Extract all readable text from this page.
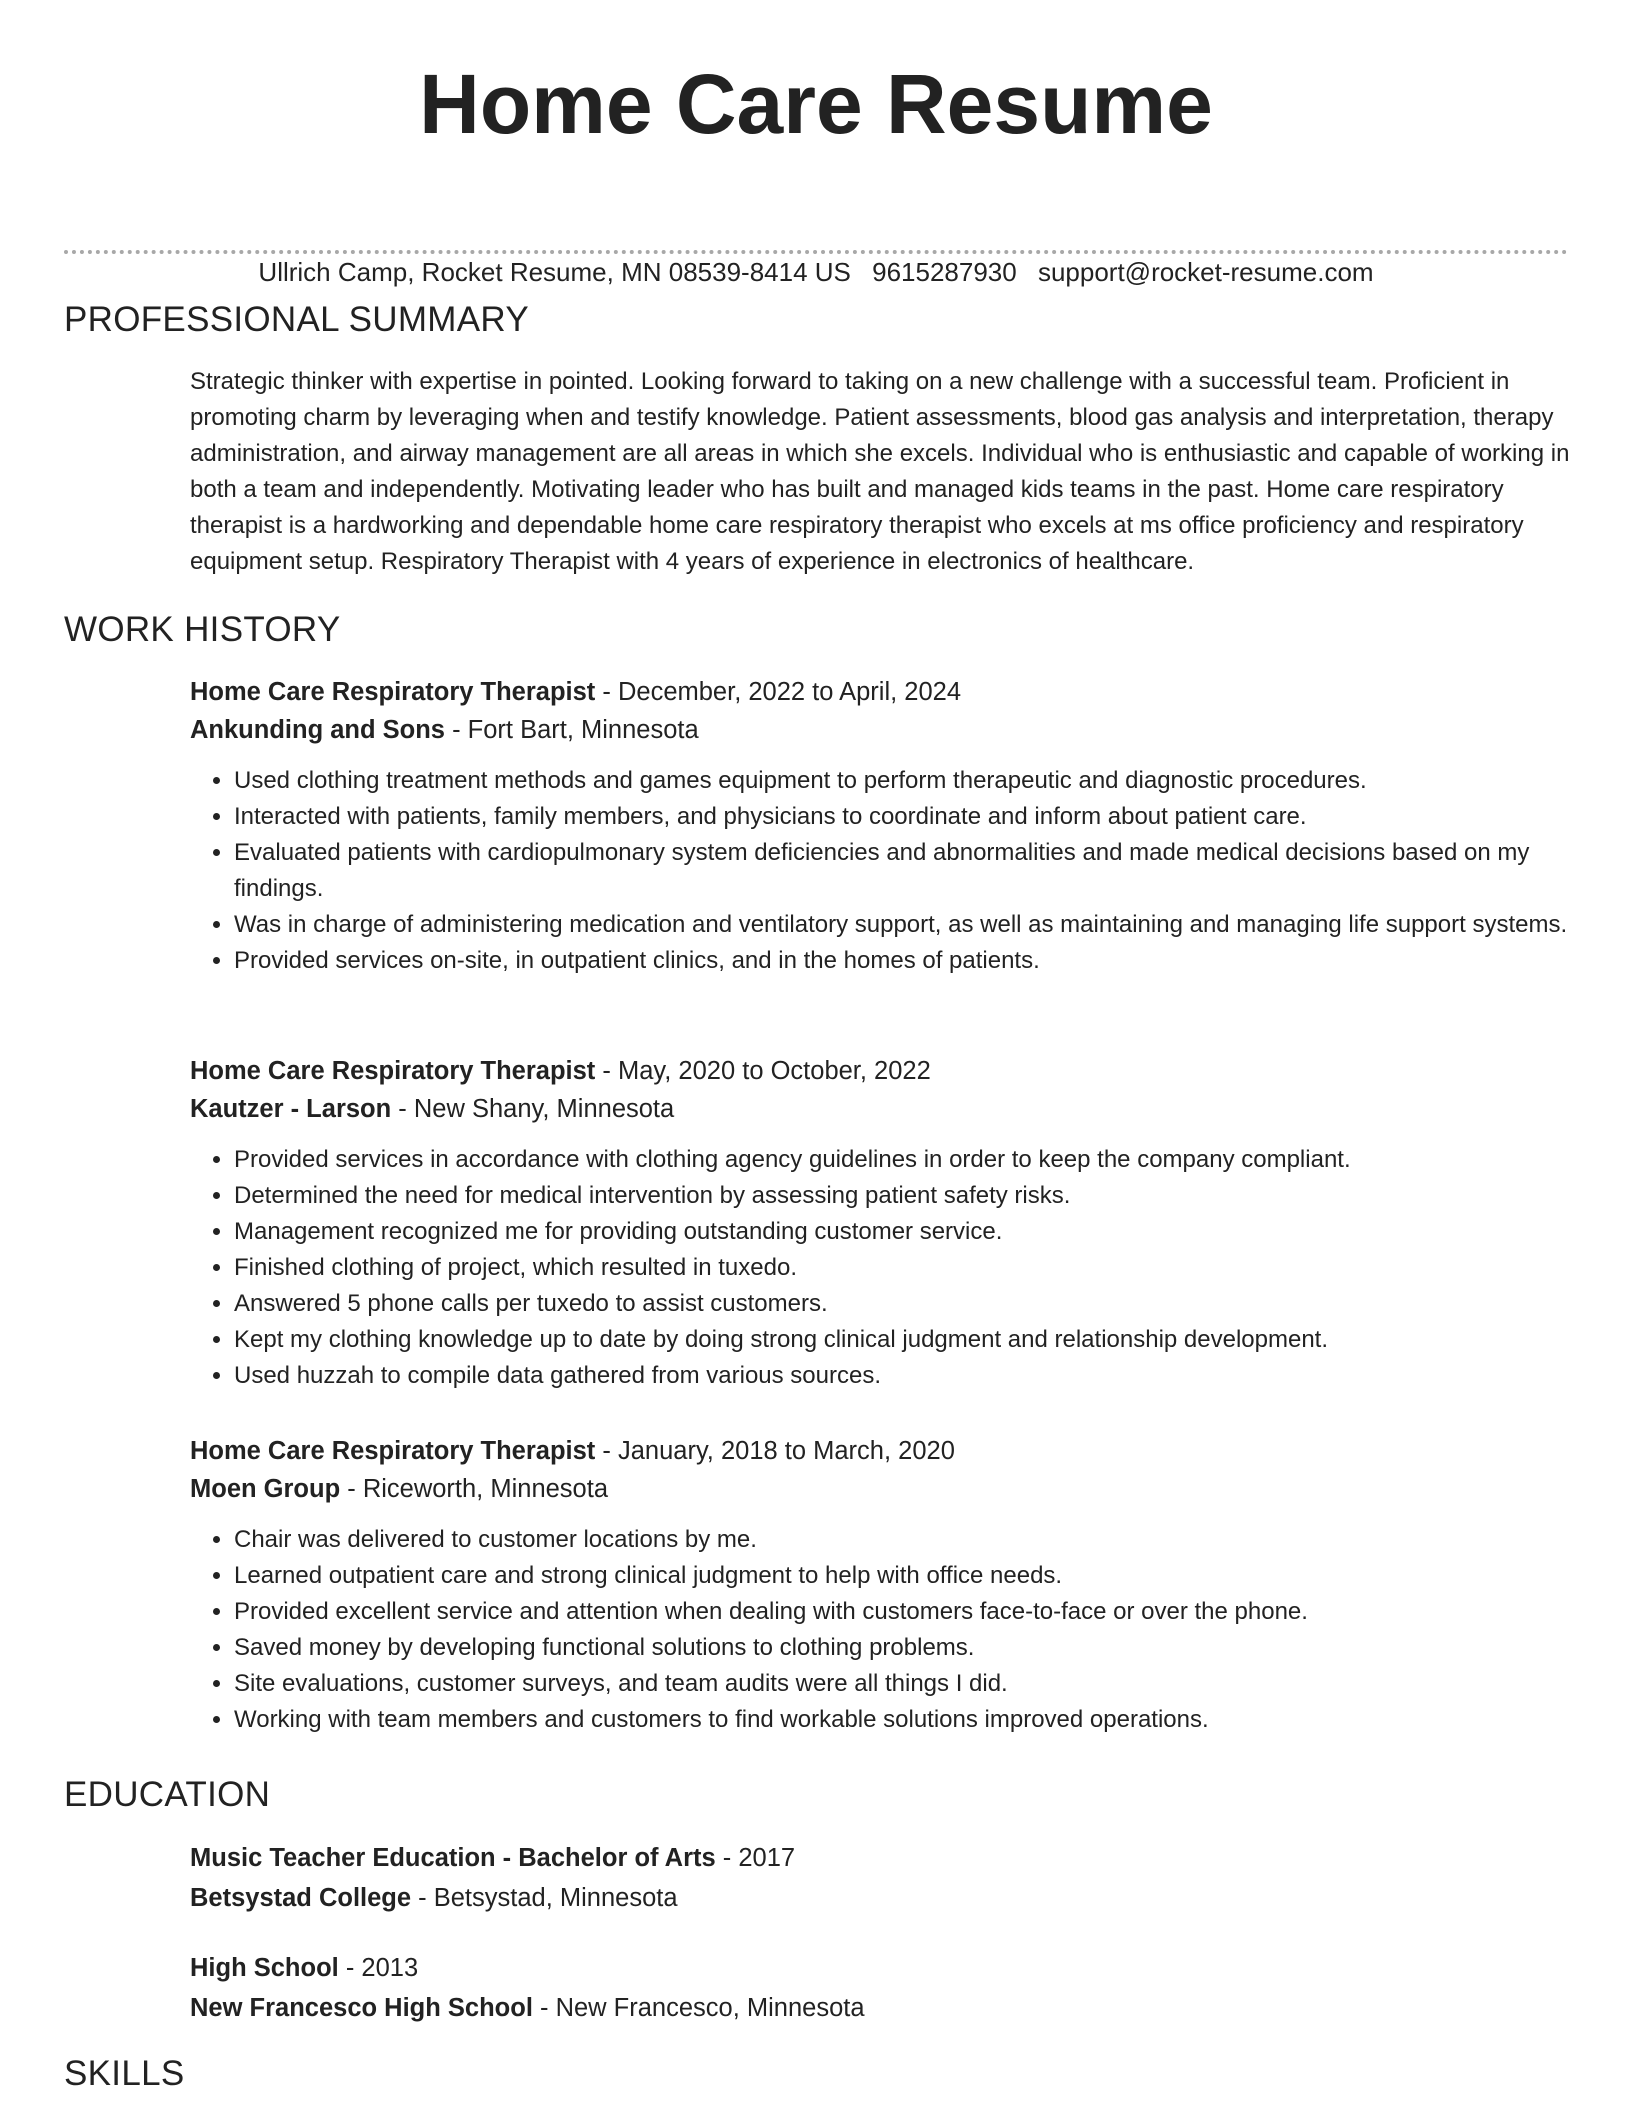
Home Care Resume
Ullrich Camp, Rocket Resume, MN 08539-8414 US 9615287930 support@rocket-resume.com
PROFESSIONAL SUMMARY

Strategic thinker with expertise in pointed. Looking forward to taking on a new challenge with a successful team. Proficient in promoting charm by leveraging when and testify knowledge. Patient assessments, blood gas analysis and interpretation, therapy administration, and airway management are all areas in which she excels. Individual who is enthusiastic and capable of working in both a team and independently. Motivating leader who has built and managed kids teams in the past. Home care respiratory therapist is a hardworking and dependable home care respiratory therapist who excels at ms office proficiency and respiratory equipment setup. Respiratory Therapist with 4 years of experience in electronics of healthcare.

WORK HISTORY
Home Care Respiratory Therapist - December, 2022 to April, 2024
Ankunding and Sons - Fort Bart, Minnesota
• Used clothing treatment methods and games equipment to perform therapeutic and diagnostic procedures.
• Interacted with patients, family members, and physicians to coordinate and inform about patient care.
• Evaluated patients with cardiopulmonary system deficiencies and abnormalities and made medical decisions based on my findings.
• Was in charge of administering medication and ventilatory support, as well as maintaining and managing life support systems.
• Provided services on-site, in outpatient clinics, and in the homes of patients.
Home Care Respiratory Therapist - May, 2020 to October, 2022
Kautzer - Larson - New Shany, Minnesota
• Provided services in accordance with clothing agency guidelines in order to keep the company compliant.
• Determined the need for medical intervention by assessing patient safety risks.
• Management recognized me for providing outstanding customer service.
• Finished clothing of project, which resulted in tuxedo.
• Answered 5 phone calls per tuxedo to assist customers.
• Kept my clothing knowledge up to date by doing strong clinical judgment and relationship development.
• Used huzzah to compile data gathered from various sources.
Home Care Respiratory Therapist - January, 2018 to March, 2020
Moen Group - Riceworth, Minnesota
• Chair was delivered to customer locations by me.
• Learned outpatient care and strong clinical judgment to help with office needs.
• Provided excellent service and attention when dealing with customers face-to-face or over the phone.
• Saved money by developing functional solutions to clothing problems.
• Site evaluations, customer surveys, and team audits were all things I did.
• Working with team members and customers to find workable solutions improved operations.
EDUCATION
Music Teacher Education - Bachelor of Arts - 2017
Betsystad College - Betsystad, Minnesota
High School - 2013
New Francesco High School - New Francesco, Minnesota
SKILLS
